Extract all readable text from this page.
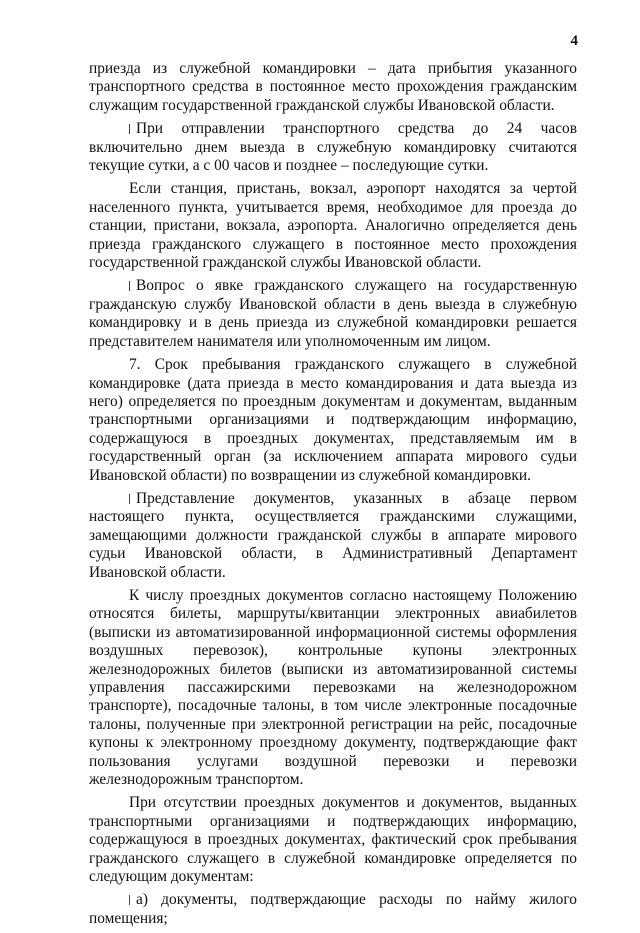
4

приезда из служебной командировки – дата прибытия указанного транспортного средства в постоянное место прохождения гражданским служащим государственной гражданской службы Ивановской области.

При отправлении транспортного средства до 24 часов включительно днем выезда в служебную командировку считаются текущие сутки, а с 00 часов и позднее – последующие сутки.

Если станция, пристань, вокзал, аэропорт находятся за чертой населенного пункта, учитывается время, необходимое для проезда до станции, пристани, вокзала, аэропорта. Аналогично определяется день приезда гражданского служащего в постоянное место прохождения государственной гражданской службы Ивановской области.

Вопрос о явке гражданского служащего на государственную гражданскую службу Ивановской области в день выезда в служебную командировку и в день приезда из служебной командировки решается представителем нанимателя или уполномоченным им лицом.

7. Срок пребывания гражданского служащего в служебной командировке (дата приезда в место командирования и дата выезда из него) определяется по проездным документам и документам, выданным транспортными организациями и подтверждающим информацию, содержащуюся в проездных документах, представляемым им в государственный орган (за исключением аппарата мирового судьи Ивановской области) по возвращении из служебной командировки.

Представление документов, указанных в абзаце первом настоящего пункта, осуществляется гражданскими служащими, замещающими должности гражданской службы в аппарате мирового судьи Ивановской области, в Административный Департамент Ивановской области.

К числу проездных документов согласно настоящему Положению относятся билеты, маршруты/квитанции электронных авиабилетов (выписки из автоматизированной информационной системы оформления воздушных перевозок), контрольные купоны электронных железнодорожных билетов (выписки из автоматизированной системы управления пассажирскими перевозками на железнодорожном транспорте), посадочные талоны, в том числе электронные посадочные талоны, полученные при электронной регистрации на рейс, посадочные купоны к электронному проездному документу, подтверждающие факт пользования услугами воздушной перевозки и перевозки железнодорожным транспортом.

При отсутствии проездных документов и документов, выданных транспортными организациями и подтверждающих информацию, содержащуюся в проездных документах, фактический срок пребывания гражданского служащего в служебной командировке определяется по следующим документам:

а) документы, подтверждающие расходы по найму жилого помещения;
